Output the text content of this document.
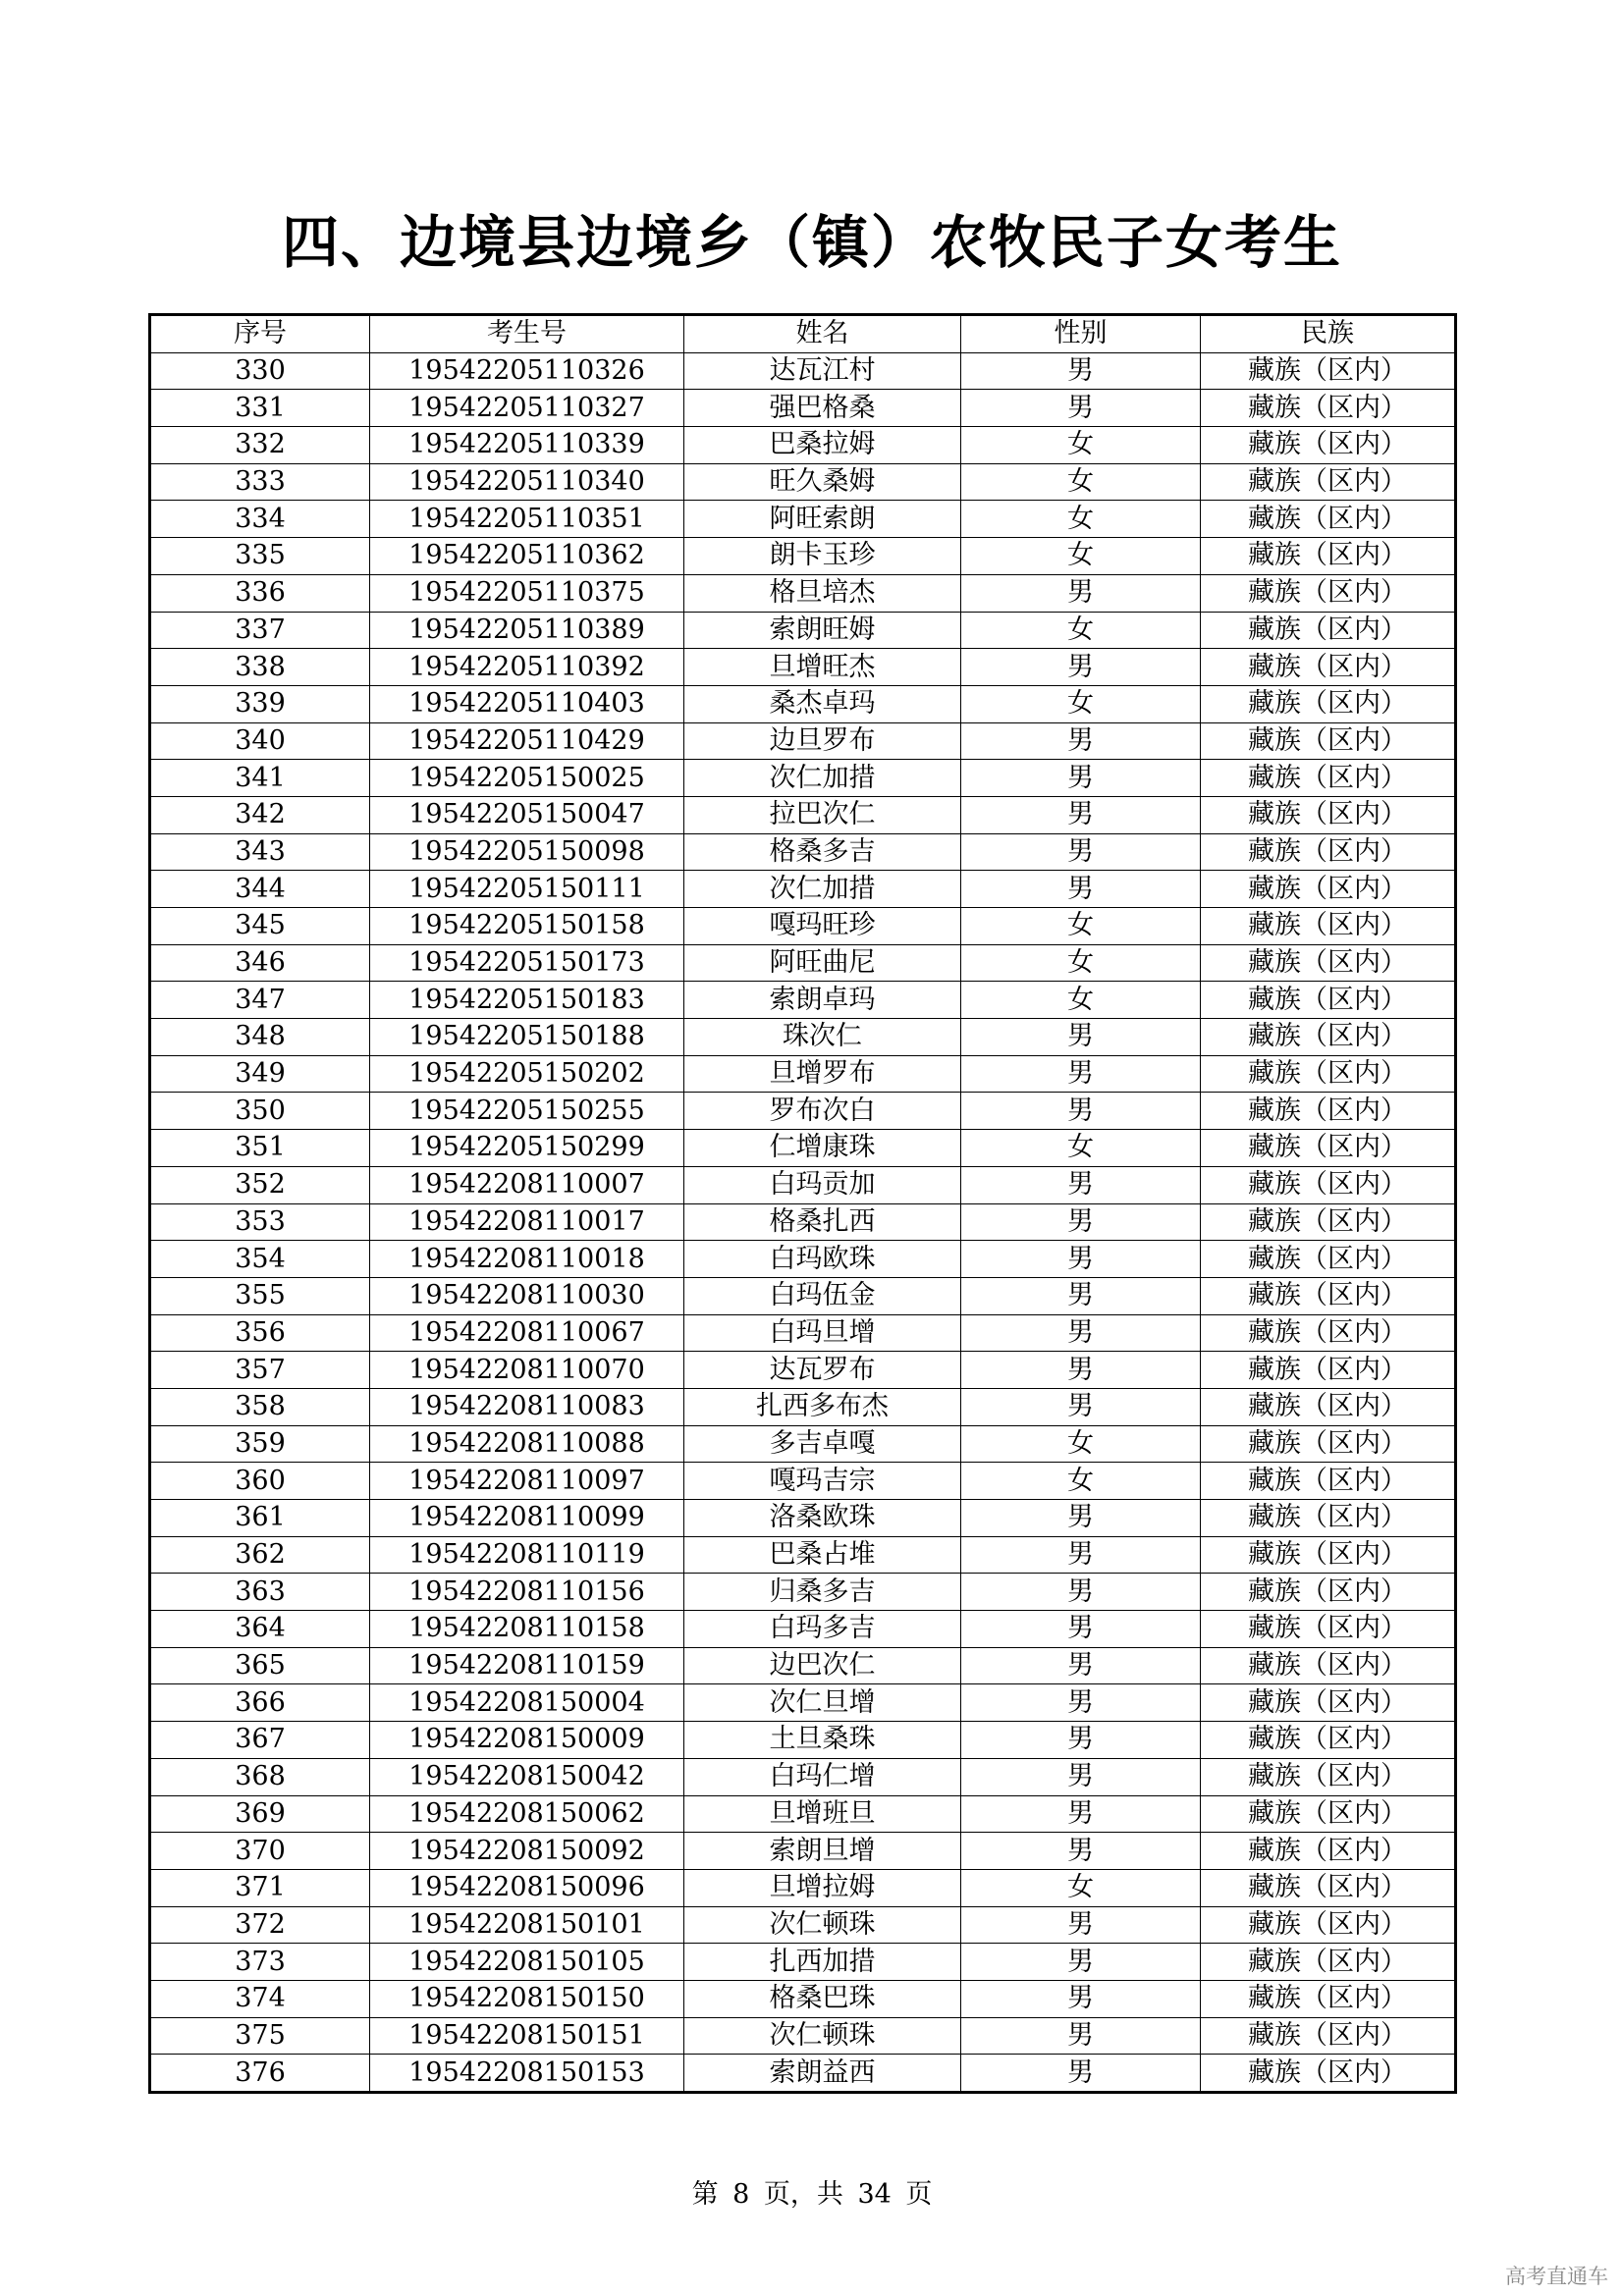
四、边境县边境乡（镇）农牧民子女考生
序号	考生号	姓名	性别	民族
330	19542205110326	达瓦江村	男	藏族（区内）
331	19542205110327	强巴格桑	男	藏族（区内）
332	19542205110339	巴桑拉姆	女	藏族（区内）
333	19542205110340	旺久桑姆	女	藏族（区内）
334	19542205110351	阿旺索朗	女	藏族（区内）
335	19542205110362	朗卡玉珍	女	藏族（区内）
336	19542205110375	格旦培杰	男	藏族（区内）
337	19542205110389	索朗旺姆	女	藏族（区内）
338	19542205110392	旦增旺杰	男	藏族（区内）
339	19542205110403	桑杰卓玛	女	藏族（区内）
340	19542205110429	边旦罗布	男	藏族（区内）
341	19542205150025	次仁加措	男	藏族（区内）
342	19542205150047	拉巴次仁	男	藏族（区内）
343	19542205150098	格桑多吉	男	藏族（区内）
344	19542205150111	次仁加措	男	藏族（区内）
345	19542205150158	嘎玛旺珍	女	藏族（区内）
346	19542205150173	阿旺曲尼	女	藏族（区内）
347	19542205150183	索朗卓玛	女	藏族（区内）
348	19542205150188	珠次仁	男	藏族（区内）
349	19542205150202	旦增罗布	男	藏族（区内）
350	19542205150255	罗布次白	男	藏族（区内）
351	19542205150299	仁增康珠	女	藏族（区内）
352	19542208110007	白玛贡加	男	藏族（区内）
353	19542208110017	格桑扎西	男	藏族（区内）
354	19542208110018	白玛欧珠	男	藏族（区内）
355	19542208110030	白玛伍金	男	藏族（区内）
356	19542208110067	白玛旦增	男	藏族（区内）
357	19542208110070	达瓦罗布	男	藏族（区内）
358	19542208110083	扎西多布杰	男	藏族（区内）
359	19542208110088	多吉卓嘎	女	藏族（区内）
360	19542208110097	嘎玛吉宗	女	藏族（区内）
361	19542208110099	洛桑欧珠	男	藏族（区内）
362	19542208110119	巴桑占堆	男	藏族（区内）
363	19542208110156	归桑多吉	男	藏族（区内）
364	19542208110158	白玛多吉	男	藏族（区内）
365	19542208110159	边巴次仁	男	藏族（区内）
366	19542208150004	次仁旦增	男	藏族（区内）
367	19542208150009	土旦桑珠	男	藏族（区内）
368	19542208150042	白玛仁增	男	藏族（区内）
369	19542208150062	旦增班旦	男	藏族（区内）
370	19542208150092	索朗旦增	男	藏族（区内）
371	19542208150096	旦增拉姆	女	藏族（区内）
372	19542208150101	次仁顿珠	男	藏族（区内）
373	19542208150105	扎西加措	男	藏族（区内）
374	19542208150150	格桑巴珠	男	藏族（区内）
375	19542208150151	次仁顿珠	男	藏族（区内）
376	19542208150153	索朗益西	男	藏族（区内）
第 8 页，共 34 页
高考直通车
